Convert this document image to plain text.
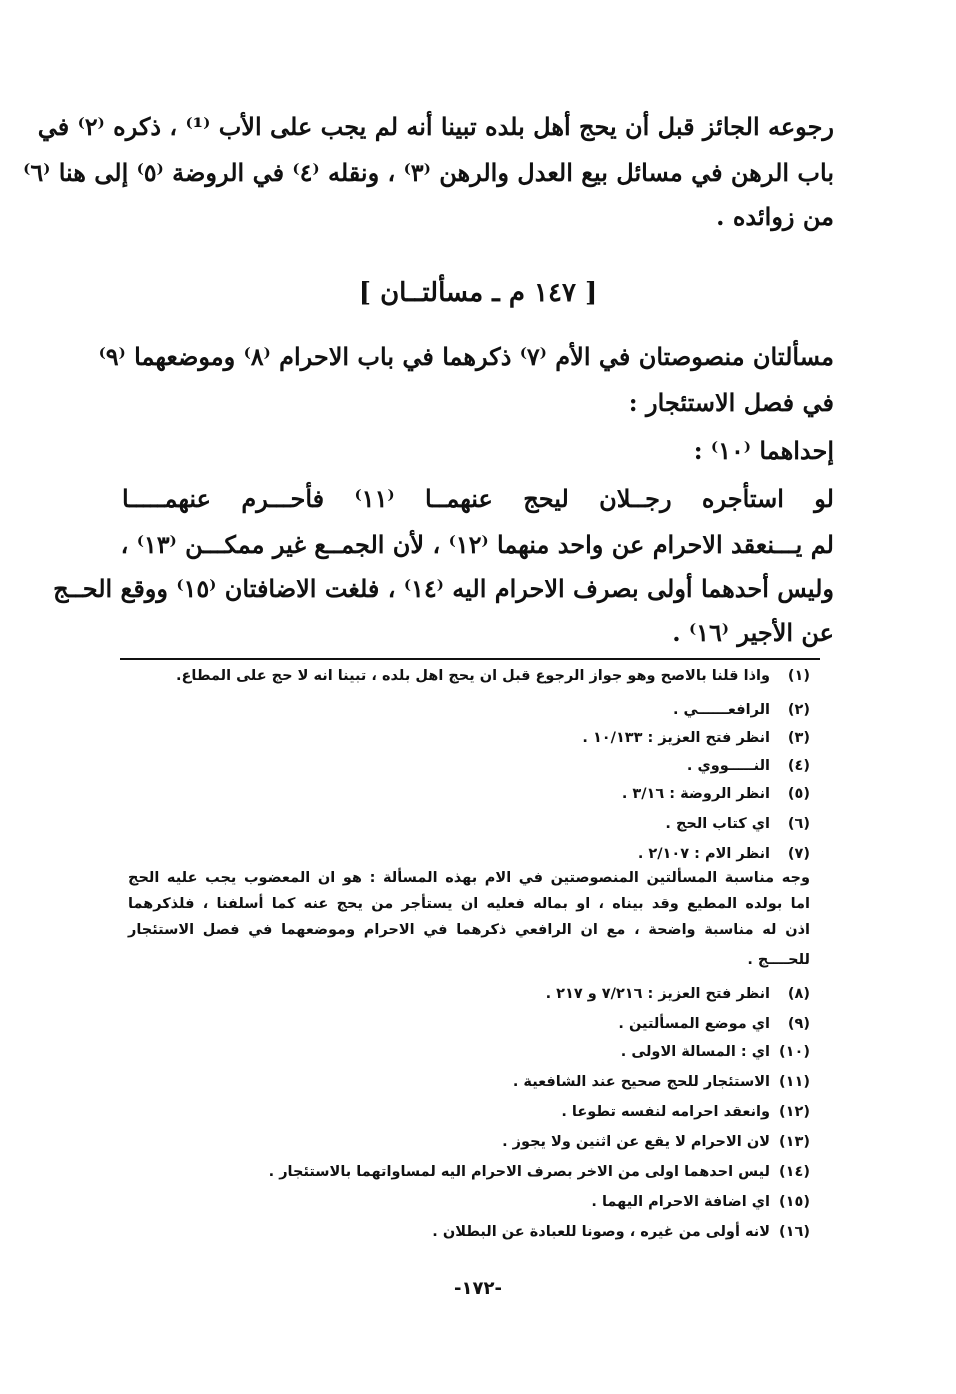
رجوعه الجائز قبل أن يحج أهل بلده تبينا أنه لم يجب على الأب ⁽¹⁾ ، ذكره ⁽٢⁾ في
باب الرهن في مسائل بيع العدل والرهن ⁽٣⁾ ، ونقله ⁽٤⁾ في الروضة ⁽٥⁾ إلى هنا ⁽٦⁾
من زوائده .
[ ١٤٧ م ـ مسألتــان ]
مسألتان منصوصتان في الأم ⁽٧⁾ ذكرهما في باب الاحرام ⁽٨⁾ وموضعهما ⁽٩⁾
في فصل الاستئجار :
إحداهما ⁽١٠⁾ :
لو استأجره رجــلان ليحج عنهمــا ⁽١١⁾ فأحـــرم عنهمـــــا
لم يـــنعقد الاحرام عن واحد منهما ⁽١٢⁾ ، لأن الجمــع غير ممكـــن ⁽١٣⁾ ،
وليس أحدهما أولى بصرف الاحرام اليه ⁽١٤⁾ ، فلغت الاضافتان ⁽١٥⁾ ووقع الحــج
عن الأجير ⁽١٦⁾ .
(١)واذا قلنا بالاصح وهو جواز الرجوع قبل ان يحج اهل بلده ، تبينا انه لا حج على المطاع.
(٢)الرافعــــــي .
(٣)انظر فتح العزيز : ١٠/١٣٣ .
(٤)النـــــووي .
(٥)انظر الروضة : ٣/١٦ .
(٦)اي كتاب الحج .
(٧)انظر الام : ٢/١٠٧ .
وجه مناسبة المسألتين المنصوصتين في الام بهذه المسألة : هو ان المعضوب يجب عليه الحج
اما بولده المطيع وقد بيناه ، او بماله فعليه ان يستأجر من يحج عنه كما أسلفنا ، فلذكرهما
اذن له مناسبة واضحة ، مع ان الرافعي ذكرهما في الاحرام وموضعهما في فصل الاستئجار
للحــــج .
(٨)انظر فتح العزيز : ٧/٢١٦ و ٢١٧ .
(٩)اي موضع المسألتين .
(١٠)اي : المسالة الاولى .
(١١)الاستئجار للحج صحيح عند الشافعية .
(١٢)وانعقد احرامه لنفسه تطوعا .
(١٣)لان الاحرام لا يقع عن اثنين ولا يجوز .
(١٤)ليس احدهما اولى من الاخر بصرف الاحرام اليه لمساواتهما بالاستئجار .
(١٥)اي اضافة الاحرام اليهما .
(١٦)لانه أولى من غيره ، وصونا للعبادة عن البطلان .
-١٧٢-
